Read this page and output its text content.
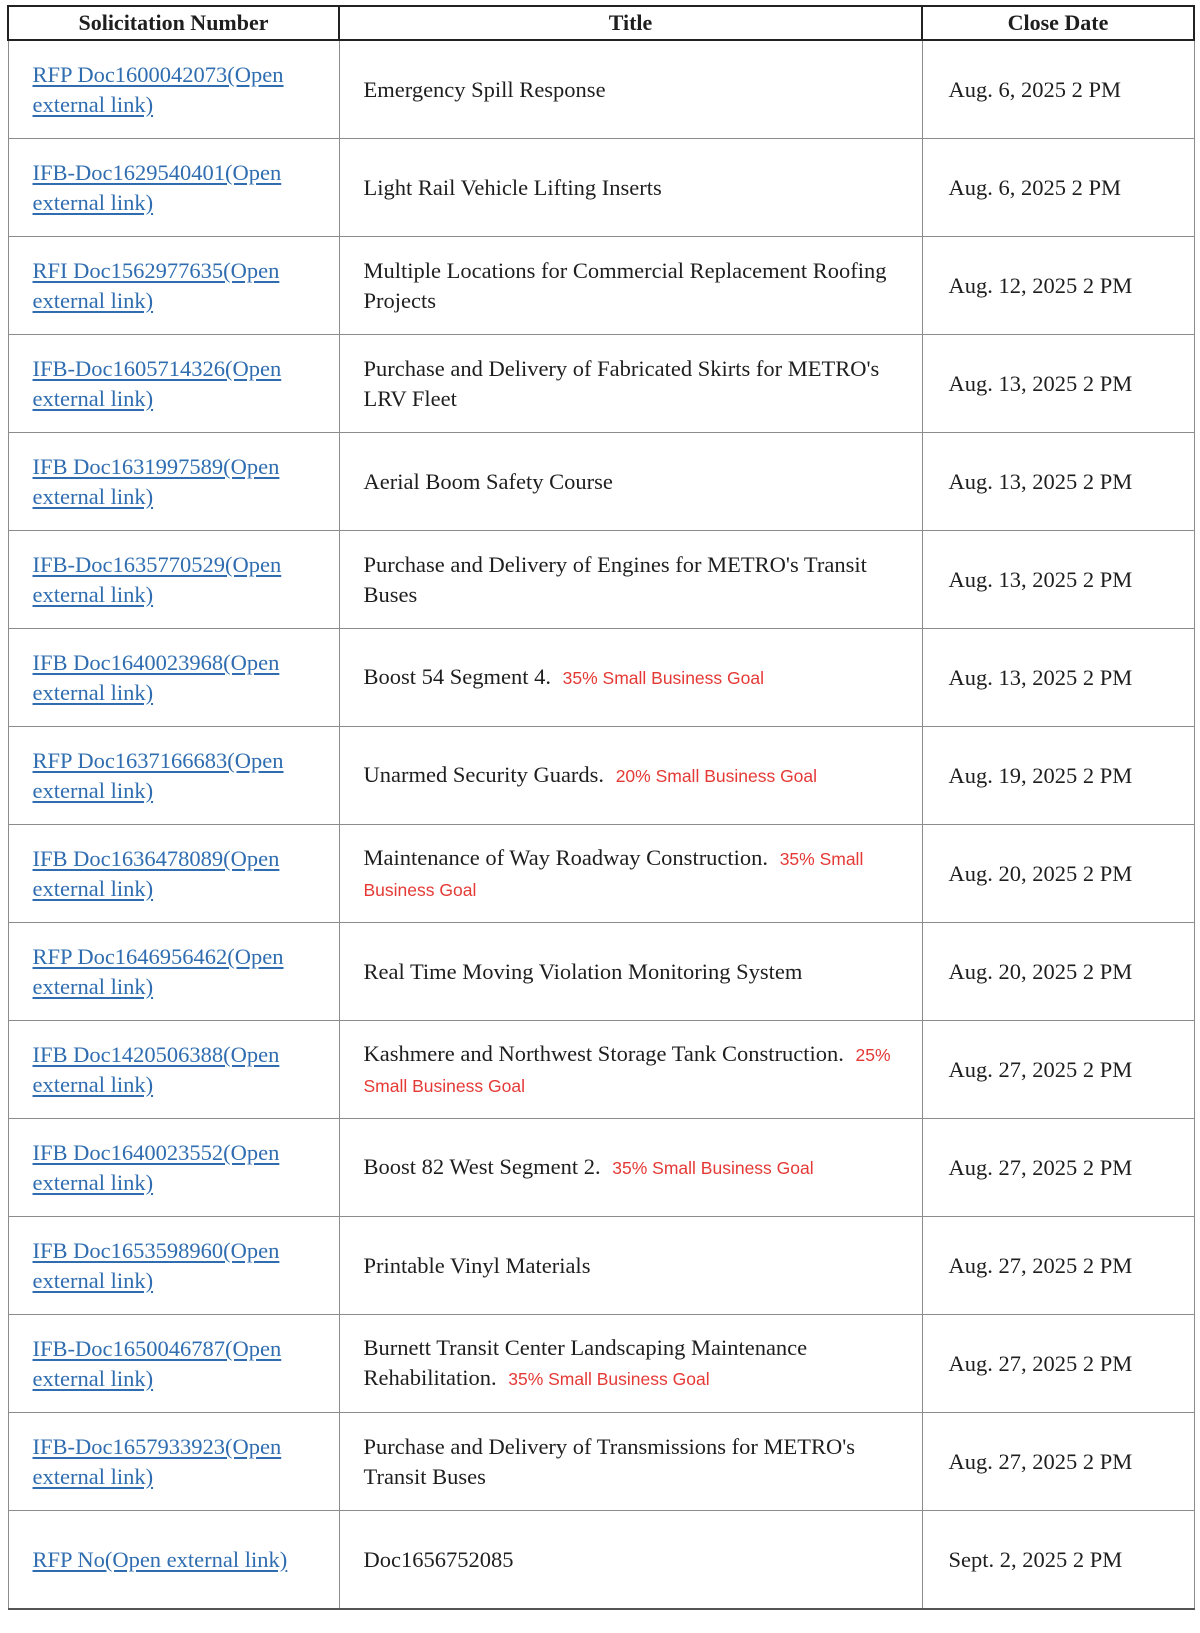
Solicitation Number	Title	Close Date
RFP Doc1600042073(Open external link)	Emergency Spill Response	Aug. 6, 2025 2 PM
IFB-Doc1629540401(Open external link)	Light Rail Vehicle Lifting Inserts	Aug. 6, 2025 2 PM
RFI Doc1562977635(Open external link)	Multiple Locations for Commercial Replacement Roofing Projects	Aug. 12, 2025 2 PM
IFB-Doc1605714326(Open external link)	Purchase and Delivery of Fabricated Skirts for METRO's LRV Fleet	Aug. 13, 2025 2 PM
IFB Doc1631997589(Open external link)	Aerial Boom Safety Course	Aug. 13, 2025 2 PM
IFB-Doc1635770529(Open external link)	Purchase and Delivery of Engines for METRO's Transit Buses	Aug. 13, 2025 2 PM
IFB Doc1640023968(Open external link)	Boost 54 Segment 4. 35% Small Business Goal	Aug. 13, 2025 2 PM
RFP Doc1637166683(Open external link)	Unarmed Security Guards. 20% Small Business Goal	Aug. 19, 2025 2 PM
IFB Doc1636478089(Open external link)	Maintenance of Way Roadway Construction. 35% Small Business Goal	Aug. 20, 2025 2 PM
RFP Doc1646956462(Open external link)	Real Time Moving Violation Monitoring System	Aug. 20, 2025 2 PM
IFB Doc1420506388(Open external link)	Kashmere and Northwest Storage Tank Construction. 25% Small Business Goal	Aug. 27, 2025 2 PM
IFB Doc1640023552(Open external link)	Boost 82 West Segment 2. 35% Small Business Goal	Aug. 27, 2025 2 PM
IFB Doc1653598960(Open external link)	Printable Vinyl Materials	Aug. 27, 2025 2 PM
IFB-Doc1650046787(Open external link)	Burnett Transit Center Landscaping Maintenance Rehabilitation. 35% Small Business Goal	Aug. 27, 2025 2 PM
IFB-Doc1657933923(Open external link)	Purchase and Delivery of Transmissions for METRO's Transit Buses	Aug. 27, 2025 2 PM
RFP No(Open external link)	Doc1656752085	Sept. 2, 2025 2 PM
